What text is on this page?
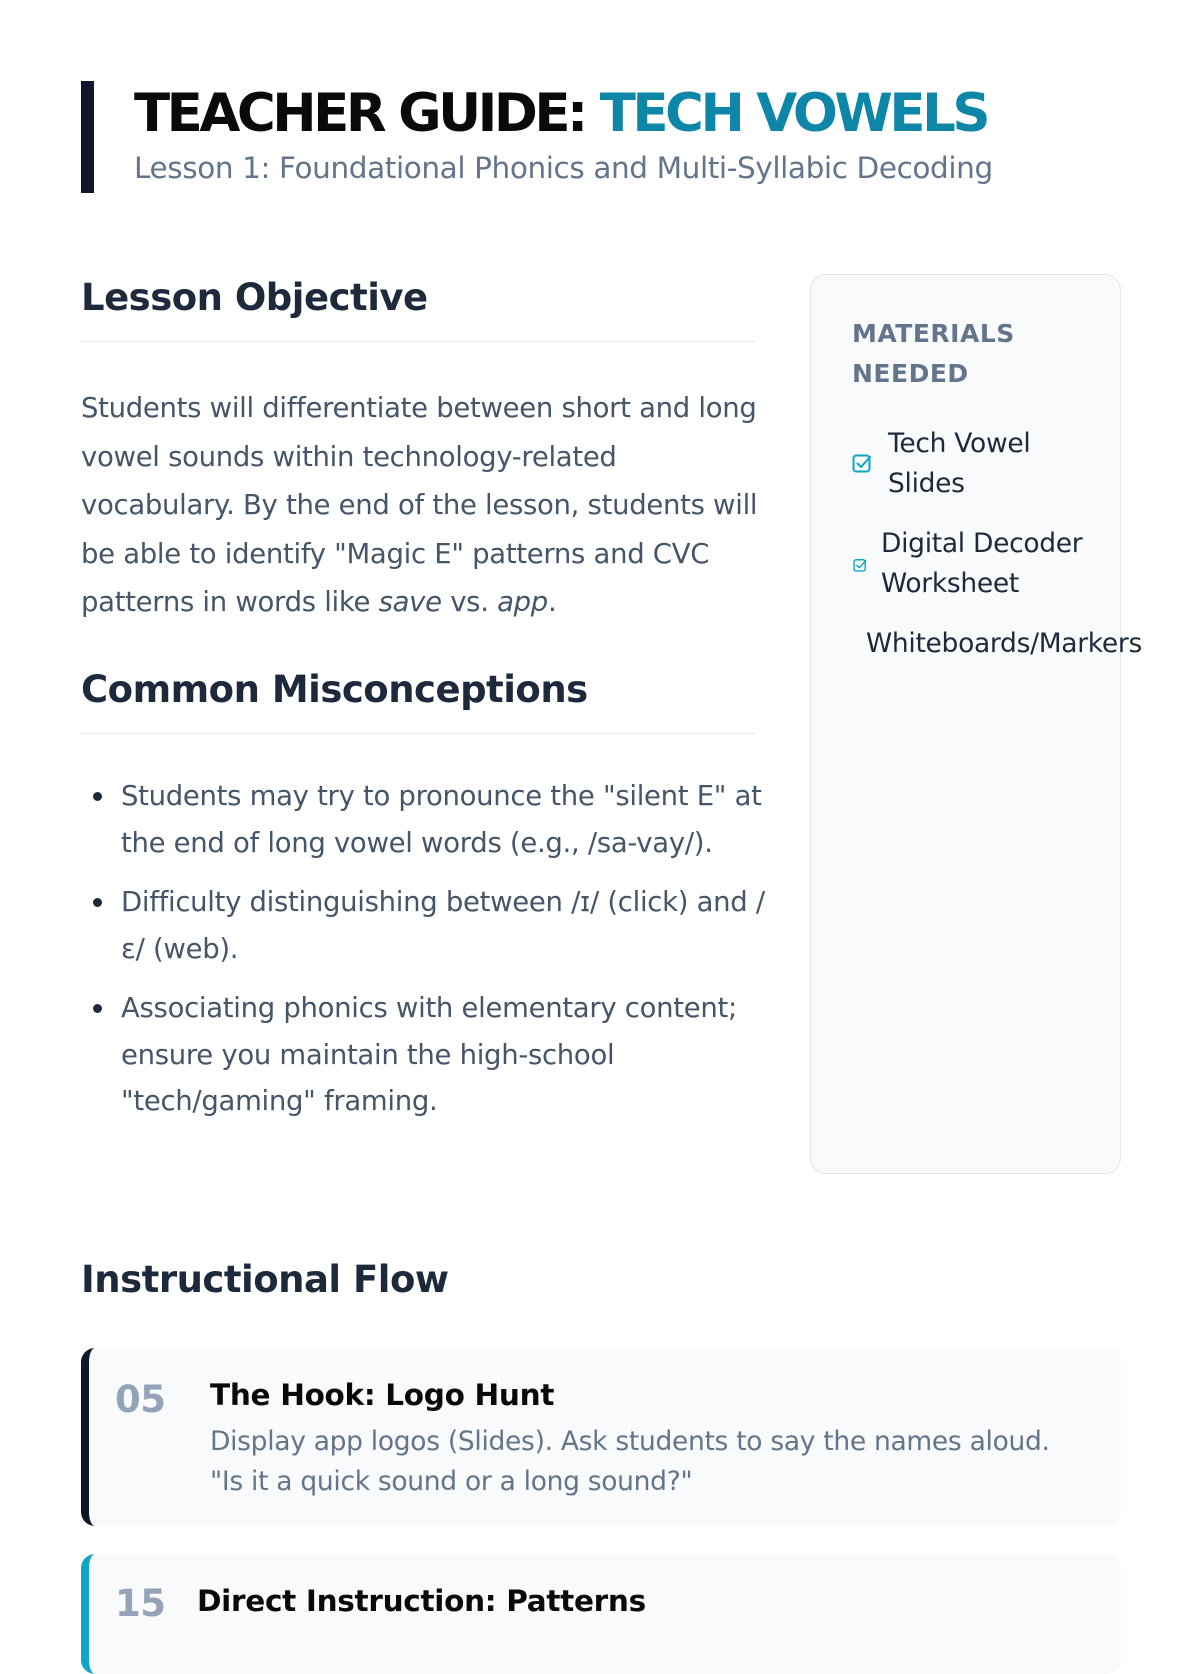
TEACHER GUIDE: TECH VOWELS
Lesson 1: Foundational Phonics and Multi-Syllabic Decoding
Lesson Objective

Students will differentiate between short and long vowel sounds within technology-related vocabulary. By the end of the lesson, students will be able to identify "Magic E" patterns and CVC patterns in words like save vs. app.

Common Misconceptions
Students may try to pronounce the "silent E" at the end of long vowel words (e.g., /sa-vay/).
Difficulty distinguishing between /ɪ/ (click) and /ɛ/ (web).
Associating phonics with elementary content; ensure you maintain the high-school "tech/gaming" framing.
MATERIALS NEEDED
Tech Vowel Slides
Digital Decoder Worksheet
Whiteboards/Markers
Instructional Flow
05 The Hook: Logo Hunt
Display app logos (Slides). Ask students to say the names aloud. "Is it a quick sound or a long sound?"
15 Direct Instruction: Patterns
